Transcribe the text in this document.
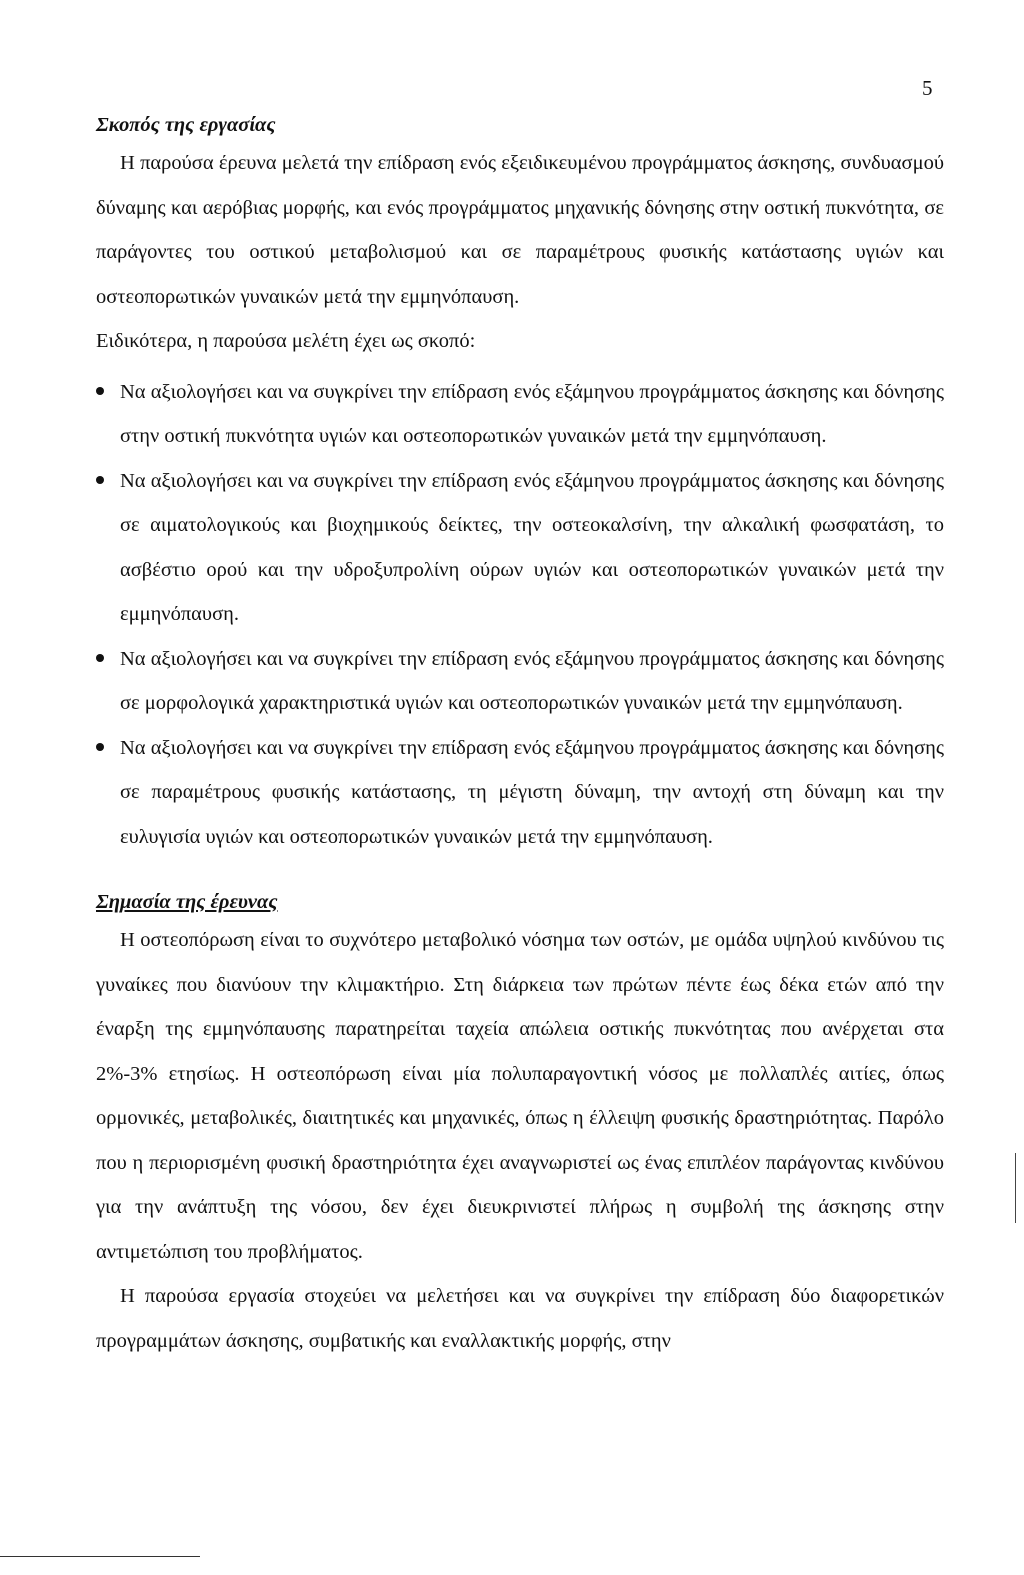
5

Σκοπός της εργασίας

Η παρούσα έρευνα μελετά την επίδραση ενός εξειδικευμένου προγράμματος άσκησης, συνδυασμού δύναμης και αερόβιας μορφής, και ενός προγράμματος μηχανικής δόνησης στην οστική πυκνότητα, σε παράγοντες του οστικού μεταβολισμού και σε παραμέτρους φυσικής κατάστασης υγιών και οστεοπορωτικών γυναικών μετά την εμμηνόπαυση.

Ειδικότερα, η παρούσα μελέτη έχει ως σκοπό:

Να αξιολογήσει και να συγκρίνει την επίδραση ενός εξάμηνου προγράμματος άσκησης και δόνησης στην οστική πυκνότητα υγιών και οστεοπορωτικών γυναικών μετά την εμμηνόπαυση.
Να αξιολογήσει και να συγκρίνει την επίδραση ενός εξάμηνου προγράμματος άσκησης και δόνησης σε αιματολογικούς και βιοχημικούς δείκτες, την οστεοκαλσίνη, την αλκαλική φωσφατάση, το ασβέστιο ορού και την υδροξυπρολίνη ούρων υγιών και οστεοπορωτικών γυναικών μετά την εμμηνόπαυση.
Να αξιολογήσει και να συγκρίνει την επίδραση ενός εξάμηνου προγράμματος άσκησης και δόνησης σε μορφολογικά χαρακτηριστικά υγιών και οστεοπορωτικών γυναικών μετά την εμμηνόπαυση.
Να αξιολογήσει και να συγκρίνει την επίδραση ενός εξάμηνου προγράμματος άσκησης και δόνησης σε παραμέτρους φυσικής κατάστασης, τη μέγιστη δύναμη, την αντοχή στη δύναμη και την ευλυγισία υγιών και οστεοπορωτικών γυναικών μετά την εμμηνόπαυση.

Σημασία της έρευνας

Η οστεοπόρωση είναι το συχνότερο μεταβολικό νόσημα των οστών, με ομάδα υψηλού κινδύνου τις γυναίκες που διανύουν την κλιμακτήριο. Στη διάρκεια των πρώτων πέντε έως δέκα ετών από την έναρξη της εμμηνόπαυσης παρατηρείται ταχεία απώλεια οστικής πυκνότητας που ανέρχεται στα 2%-3% ετησίως. Η οστεοπόρωση είναι μία πολυπαραγοντική νόσος με πολλαπλές αιτίες, όπως ορμονικές, μεταβολικές, διαιτητικές και μηχανικές, όπως η έλλειψη φυσικής δραστηριότητας. Παρόλο που η περιορισμένη φυσική δραστηριότητα έχει αναγνωριστεί ως ένας επιπλέον παράγοντας κινδύνου για την ανάπτυξη της νόσου, δεν έχει διευκρινιστεί πλήρως η συμβολή της άσκησης στην αντιμετώπιση του προβλήματος.

Η παρούσα εργασία στοχεύει να μελετήσει και να συγκρίνει την επίδραση δύο διαφορετικών προγραμμάτων άσκησης, συμβατικής και εναλλακτικής μορφής, στην
